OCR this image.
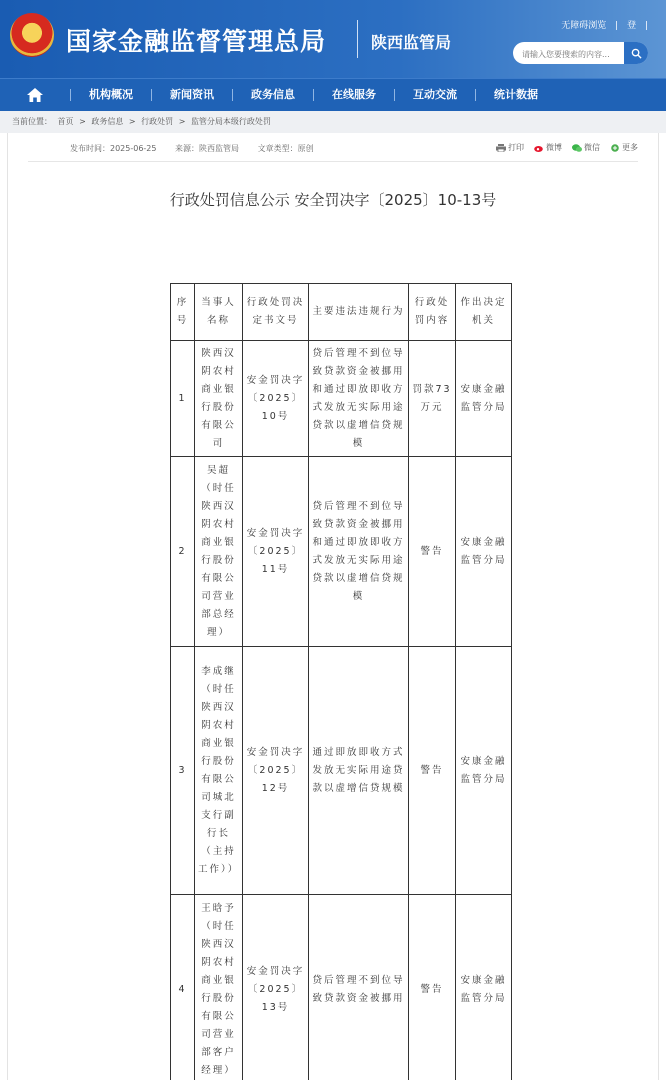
★ 国家金融监督管理总局	陕西监管局
无障碍浏览 | 登 |
请输入您要搜索的内容...
机构概况	新闻资讯	政务信息	在线服务	互动交流	统计数据
当前位置： 首页 > 政务信息 > 行政处罚 > 监管分局本级行政处罚
发布时间：2025-06-25 来源：陕西监管局 文章类型：原创	打印	微博	微信	更多
行政处罚信息公示 安全罚决字〔2025〕10-13号
序号	当事人名称	行政处罚决定书文号	主要违法违规行为	行政处罚内容	作出决定机关
1	陕西汉阴农村商业银行股份有限公司	安金罚决字〔2025〕10号	贷后管理不到位导致贷款资金被挪用和通过即放即收方式发放无实际用途贷款以虚增信贷规模	罚款73万元	安康金融监管分局
2	吴超（时任陕西汉阴农村商业银行股份有限公司营业部总经理）	安金罚决字〔2025〕11号	贷后管理不到位导致贷款资金被挪用和通过即放即收方式发放无实际用途贷款以虚增信贷规模	警告	安康金融监管分局
3	李成继（时任陕西汉阴农村商业银行股份有限公司城北支行副行长（主持工作））	安金罚决字〔2025〕12号	通过即放即收方式发放无实际用途贷款以虚增信贷规模	警告	安康金融监管分局
4	王晗予（时任陕西汉阴农村商业银行股份有限公司营业部客户经理）	安金罚决字〔2025〕13号	贷后管理不到位导致贷款资金被挪用	警告	安康金融监管分局
